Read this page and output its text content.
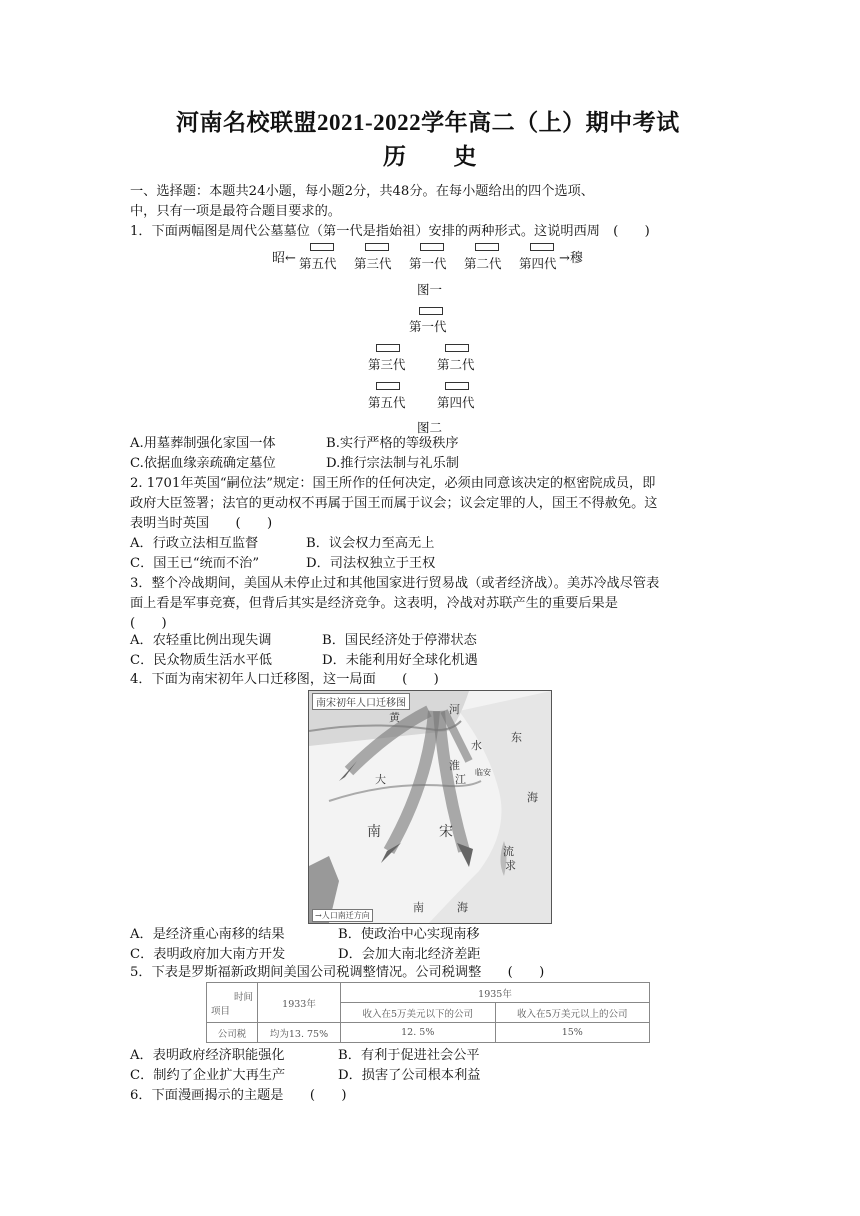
河南名校联盟2021-2022学年高二（上）期中考试
历　　史
一、选择题：本题共24小题，每小题2分，共48分。在每小题给出的四个选项、
中，只有一项是最符合题目要求的。
1．下面两幅图是周代公墓墓位（第一代是指始祖）安排的两种形式。这说明西周　(　　)
昭← 第五代 第三代 第一代 第二代 第四代 →穆
图一
第一代
第三代	第二代
第五代	第四代
图二
A.用墓葬制强化家国一体	B.实行严格的等级秩序
C.依据血缘亲疏确定墓位	D.推行宗法制与礼乐制
2. 1701年英国“嗣位法”规定：国王所作的任何决定，必须由同意该决定的枢密院成员，即
政府大臣签署；法官的更动权不再属于国王而属于议会；议会定罪的人，国王不得赦免。这
表明当时英国　　(　　)
A．行政立法相互监督	B．议会权力至高无上
C．国王已“统而不治”	D．司法权独立于王权
3．整个冷战期间，美国从未停止过和其他国家进行贸易战（或者经济战）。美苏冷战尽管表
面上看是军事竞赛，但背后其实是经济竞争。这表明，冷战对苏联产生的重要后果是
(　　)
A．农轻重比例出现失调	B．国民经济处于停滞状态
C．民众物质生活水平低	D．未能利用好全球化机遇
4．下面为南宋初年人口迁移图，这一局面　　(　　)
南宋初年人口迁移图
黄
河
淮
水
大	江
东
海
南	宋
流
求
南	海
临安
→人口南迁方向
A．是经济重心南移的结果	B．使政治中心实现南移
C．表明政府加大南方开发	D．会加大南北经济差距
5．下表是罗斯福新政期间美国公司税调整情况。公司税调整　　(　　)
时间
项目	1933年	1935年	
		收入在5万美元以下的公司	收入在5万美元以上的公司
公司税	均为13. 75%	12. 5%	15%
A．表明政府经济职能强化	B．有利于促进社会公平
C．制约了企业扩大再生产	D．损害了公司根本利益
6．下面漫画揭示的主题是　　(　　)
